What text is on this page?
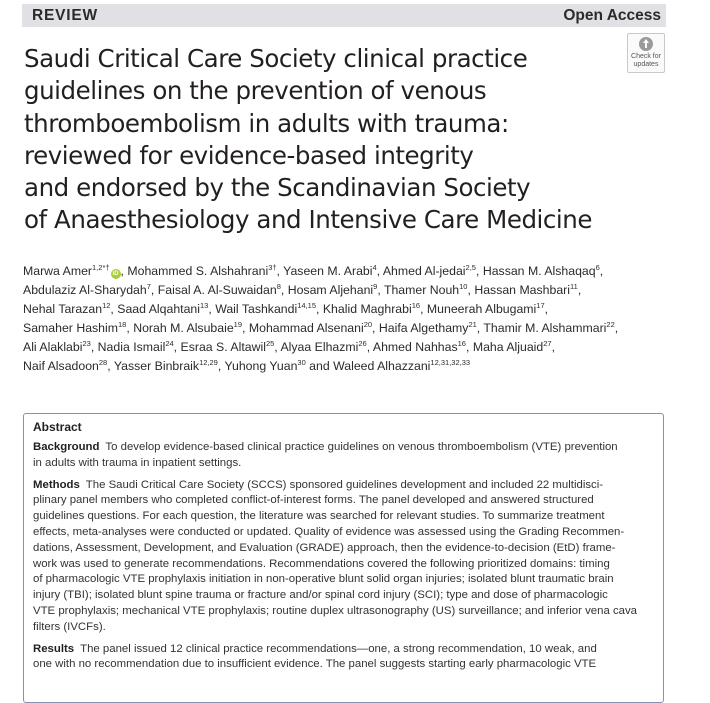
REVIEW	Open Access
Check for
updates
Saudi Critical Care Society clinical practice
guidelines on the prevention of venous
thromboembolism in adults with trauma:
reviewed for evidence-based integrity
and endorsed by the Scandinavian Society
of Anaesthesiology and Intensive Care Medicine
Marwa Amer$^{1,2*\dagger}$iD , Mohammed S. Alshahrani$^{3\dagger}$, Yaseen M. Arabi$^4$, Ahmed Al-jedai$^{2,5}$, Hassan M. Alshaqaq$^6$,
Abdulaziz Al-Sharydah$^7$, Faisal A. Al-Suwaidan$^8$, Hosam Aljehani$^9$, Thamer Nouh$^{10}$, Hassan Mashbari$^{11}$,
Nehal Tarazan$^{12}$, Saad Alqahtani$^{13}$, Wail Tashkandi$^{14,15}$, Khalid Maghrabi$^{16}$, Muneerah Albugami$^{17}$,
Samaher Hashim$^{18}$, Norah M. Alsubaie$^{19}$, Mohammad Alsenani$^{20}$, Haifa Algethamy$^{21}$, Thamir M. Alshammari$^{22}$,
Ali Alaklabi$^{23}$, Nadia Ismail$^{24}$, Esraa S. Altawil$^{25}$, Alyaa Elhazmi$^{26}$, Ahmed Nahhas$^{16}$, Maha Aljuaid$^{27}$,
Naif Alsadoon$^{28}$, Yasser Binbraik$^{12,29}$, Yuhong Yuan$^{30}$ and Waleed Alhazzani$^{12,31,32,33}$
Abstract
Background To develop evidence-based clinical practice guidelines on venous thromboembolism (VTE) prevention
in adults with trauma in inpatient settings.
Methods The Saudi Critical Care Society (SCCS) sponsored guidelines development and included 22 multidisci-
plinary panel members who completed conflict-of-interest forms. The panel developed and answered structured
guidelines questions. For each question, the literature was searched for relevant studies. To summarize treatment
effects, meta-analyses were conducted or updated. Quality of evidence was assessed using the Grading Recommen-
dations, Assessment, Development, and Evaluation (GRADE) approach, then the evidence-to-decision (EtD) frame-
work was used to generate recommendations. Recommendations covered the following prioritized domains: timing
of pharmacologic VTE prophylaxis initiation in non-operative blunt solid organ injuries; isolated blunt traumatic brain
injury (TBI); isolated blunt spine trauma or fracture and/or spinal cord injury (SCI); type and dose of pharmacologic
VTE prophylaxis; mechanical VTE prophylaxis; routine duplex ultrasonography (US) surveillance; and inferior vena cava
filters (IVCFs).
Results The panel issued 12 clinical practice recommendations—one, a strong recommendation, 10 weak, and
one with no recommendation due to insufficient evidence. The panel suggests starting early pharmacologic VTE
